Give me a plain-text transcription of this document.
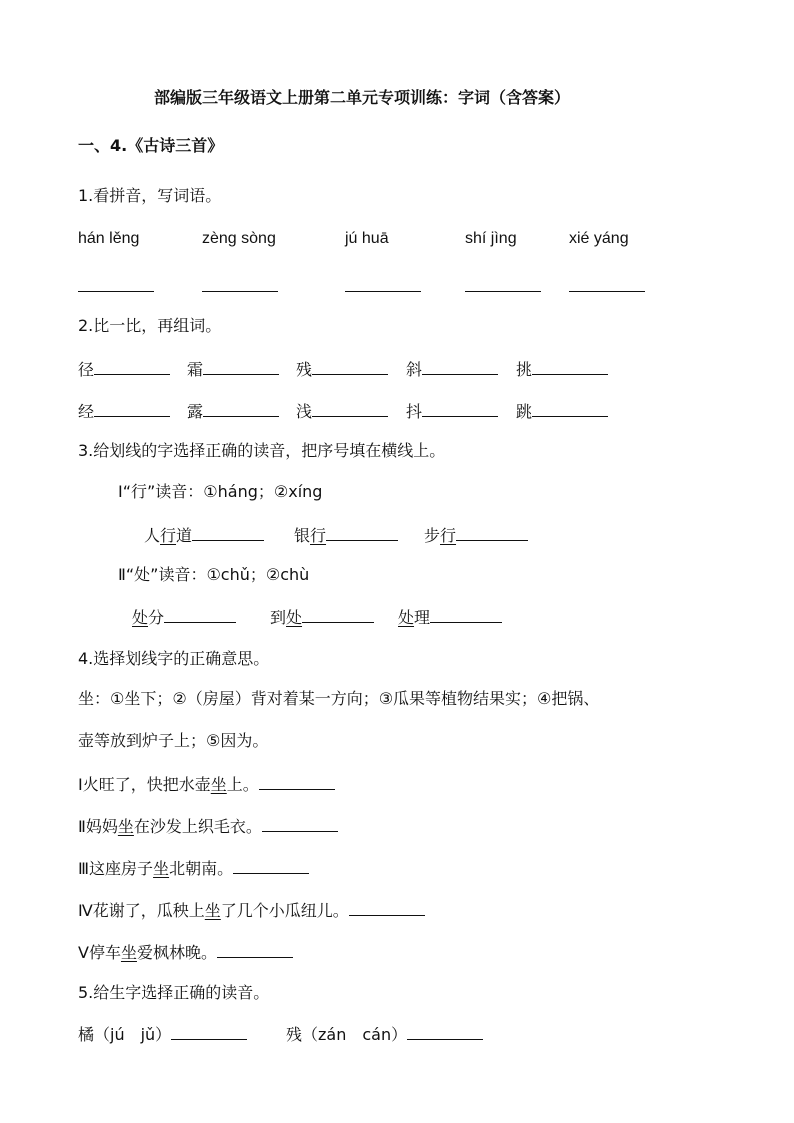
部编版三年级语文上册第二单元专项训练：字词（含答案）
一、4.《古诗三首》
1.看拼音，写词语。
hán lěng	zèng sòng	jú huā	shí jìng	xié yáng
2.比一比，再组词。
径	霜	残	斜	挑
经	露	浅	抖	跳
3.给划线的字选择正确的读音，把序号填在横线上。
Ⅰ“行”读音：①háng；②xíng
人行道	银行	步行
Ⅱ“处”读音：①chǔ；②chù
处分	到处	处理
4.选择划线字的正确意思。
坐：①坐下；②（房屋）背对着某一方向；③瓜果等植物结果实；④把锅、
壶等放到炉子上；⑤因为。
Ⅰ火旺了，快把水壶坐上。
Ⅱ妈妈坐在沙发上织毛衣。
Ⅲ这座房子坐北朝南。
Ⅳ花谢了，瓜秧上坐了几个小瓜纽儿。
Ⅴ停车坐爱枫林晚。
5.给生字选择正确的读音。
橘（jú　jǔ）	残（zán　cán）
